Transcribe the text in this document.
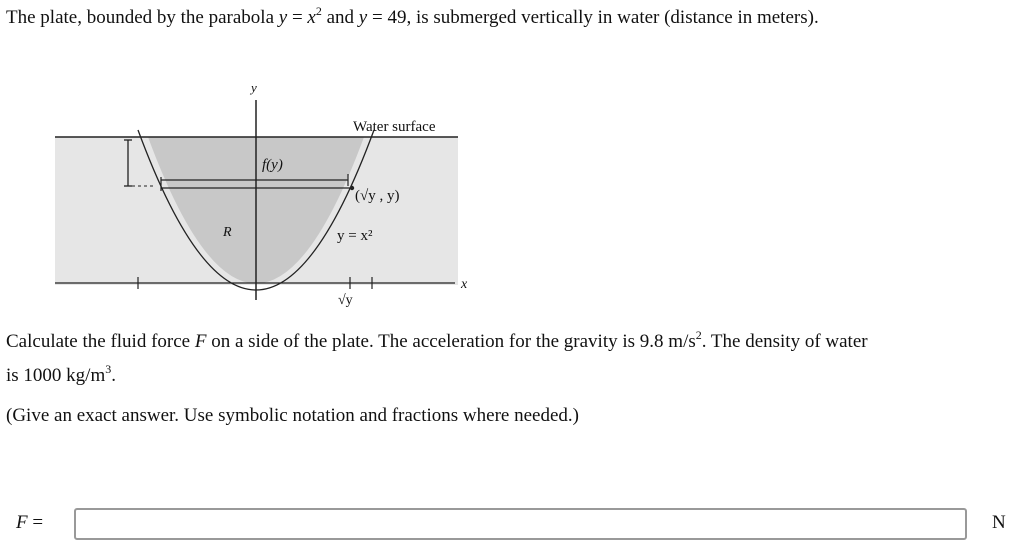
The plate, bounded by the parabola $y = x^2$ and y = 49, is submerged vertically in water (distance in meters).
y
x
Water surface
f(y)
(√y , y)
y = x²
R
√y
Calculate the fluid force F on a side of the plate. The acceleration for the gravity is 9.8 $m/s^2$. The density of water
is 1000 $kg/m^3$.
(Give an exact answer. Use symbolic notation and fractions where needed.)
F =	N
